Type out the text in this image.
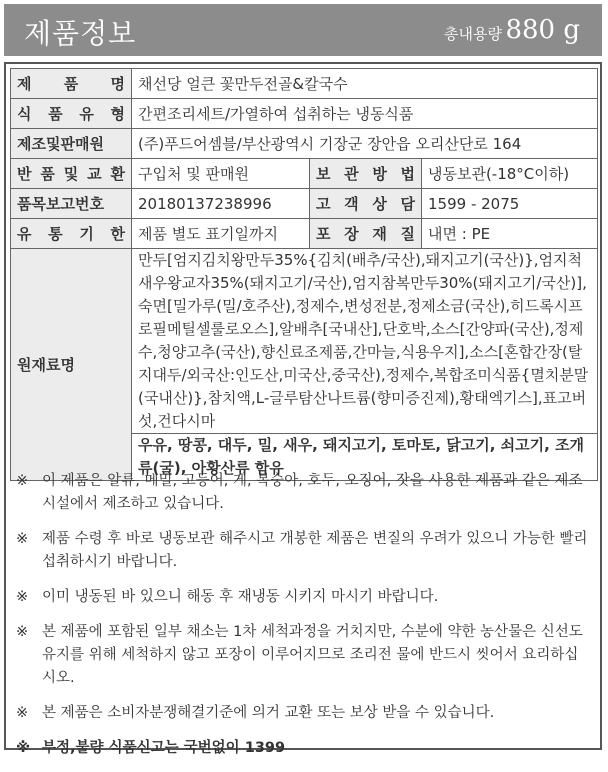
제품정보	총내용량 880 g
제 품 명	채선당 얼큰 꽃만두전골&칼국수		

식 품 유 형	간편조리세트/가열하여 섭취하는 냉동식품		
제조및판매원	(주)푸드어셈블/부산광역시 기장군 장안읍 오리산단로 164		

반 품 및 교 환	구입처 및 판매원	보 관 방 법	냉동보관(-18°C이하)
품목보고번호	20180137238996	고 객 상 담	1599 - 2075

유 통 기 한	제품 별도 표기일까지	포 장 재 질	내면 : PE
원재료명	만두[엄지김치왕만두35%{김치(배추/국산),돼지고기(국산)},엄지척새우왕교자35%(돼지고기/국산),엄지참복만두30%(돼지고기/국산)],숙면[밀가루(밀/호주산),정제수,변성전분,정제소금(국산),히드록시프로필메틸셀룰로오스],알배추[국내산],단호박,소스[간양파(국산),정제수,청양고추(국산),향신료조제품,간마늘,식용우지],소스[혼합간장(탈지대두/외국산:인도산,미국산,중국산),정제수,복합조미식품{멸치분말(국내산)},참치액,L-글루탐산나트륨(향미증진제),황태엑기스],표고버섯,건다시마		
	우유, 땅콩, 대두, 밀, 새우, 돼지고기, 토마토, 닭고기, 쇠고기, 조개류(굴), 아황산류 함유		
※ 이 제품은 알류, 메밀, 고등어, 게, 복숭아, 호두, 오징어, 잣을 사용한 제품과 같은 제조시설에서 제조하고 있습니다.
※ 제품 수령 후 바로 냉동보관 해주시고 개봉한 제품은 변질의 우려가 있으니 가능한 빨리 섭취하시기 바랍니다.
※ 이미 냉동된 바 있으니 해동 후 재냉동 시키지 마시기 바랍니다.
※ 본 제품에 포함된 일부 채소는 1차 세척과정을 거치지만, 수분에 약한 농산물은 신선도 유지를 위해 세척하지 않고 포장이 이루어지므로 조리전 물에 반드시 씻어서 요리하십시오.
※ 본 제품은 소비자분쟁해결기준에 의거 교환 또는 보상 받을 수 있습니다.
※ 부정,불량 식품신고는 국번없이 1399
